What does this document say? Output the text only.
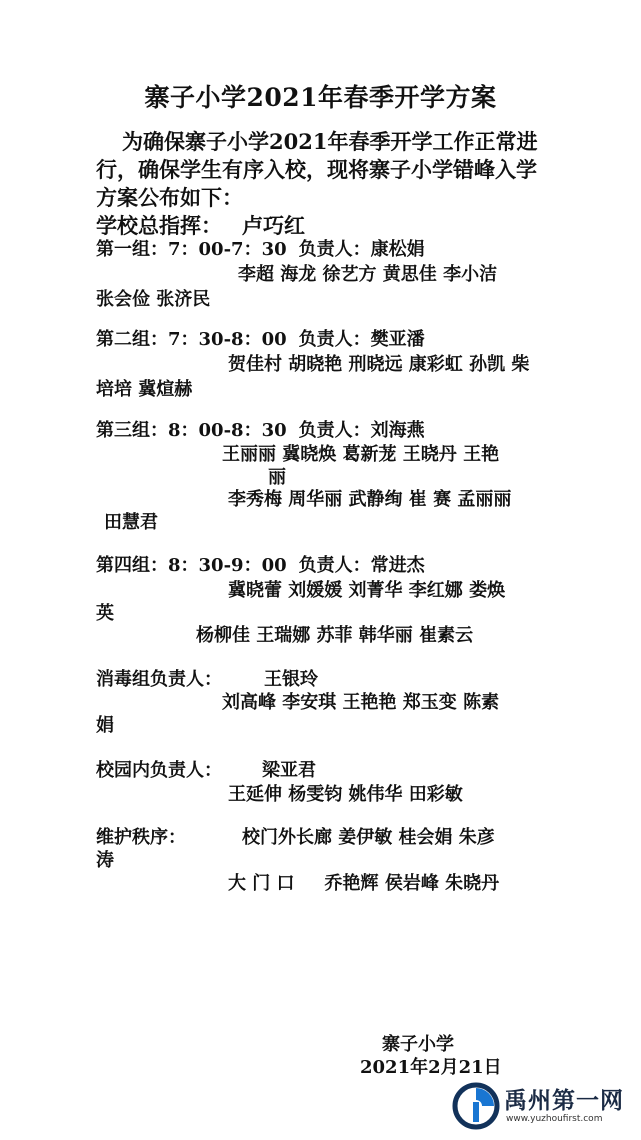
寨子小学2021年春季开学方案

为确保寨子小学2021年春季开学工作正常进行，确保学生有序入校，现将寨子小学错峰入学方案公布如下：

学校总指挥： 卢巧红
第一组：7：00-7：30 负责人：康松娟
李超 海龙 徐艺方 黄思佳 李小洁
张会俭 张济民
第二组：7：30-8：00 负责人：樊亚潘
贺佳村 胡晓艳 刑晓远 康彩虹 孙凯 柴
培培 冀煊赫
第三组：8：00-8：30 负责人：刘海燕
王丽丽 冀晓焕 葛新茏 王晓丹 王艳
丽
李秀梅 周华丽 武静绚 崔 赛 孟丽丽
田慧君
第四组：8：30-9：00 负责人：常进杰
冀晓蕾 刘媛媛 刘菁华 李红娜 娄焕
英
杨柳佳 王瑞娜 苏菲 韩华丽 崔素云
消毒组负责人： 王银玲
刘高峰 李安琪 王艳艳 郑玉变 陈素
娟
校园内负责人： 梁亚君
王延伸 杨雯钧 姚伟华 田彩敏
维护秩序：	校门外长廊 姜伊敏 桂会娟 朱彦
涛
大 门 口 乔艳辉 侯岩峰 朱晓丹
寨子小学
2021年2月21日
禹州第一网
www.yuzhoufirst.com
